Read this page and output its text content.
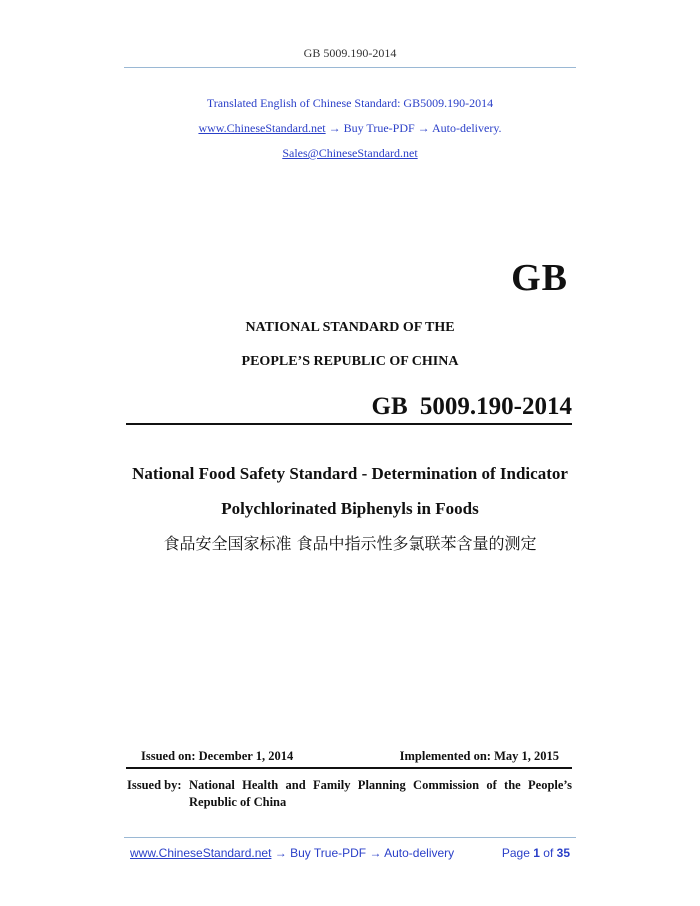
GB 5009.190-2014
Translated English of Chinese Standard: GB5009.190-2014
www.ChineseStandard.net → Buy True-PDF → Auto-delivery.
Sales@ChineseStandard.net
GB
NATIONAL STANDARD OF THE
PEOPLE’S REPUBLIC OF CHINA
GB 5009.190-2014
National Food Safety Standard - Determination of Indicator
Polychlorinated Biphenyls in Foods
食品安全国家标准 食品中指示性多氯联苯含量的测定
Issued on: December 1, 2014	Implemented on: May 1, 2015
Issued by: National Health and Family Planning Commission of the People’s Republic of China
www.ChineseStandard.net → Buy True-PDF → Auto-delivery	Page 1 of 35
